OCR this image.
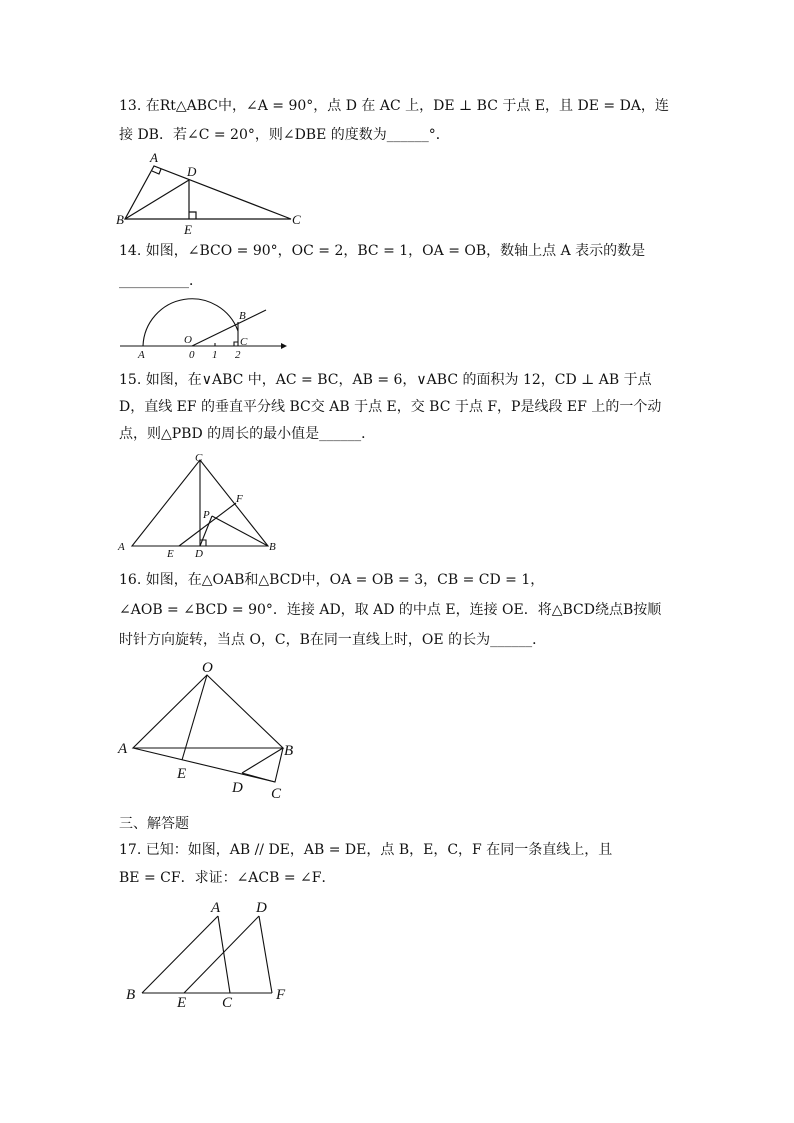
13. 在Rt△ABC中，∠A = 90°，点 D 在 AC 上，DE ⊥ BC 于点 E，且 DE = DA，连
接 DB．若∠C = 20°，则∠DBE 的度数为______°．
A
B	C
D
E
14. 如图，∠BCO = 90°，OC = 2，BC = 1，OA = OB，数轴上点 A 表示的数是
__________．
A
O
B
C
0 1 2
15. 如图，在∨ABC 中，AC = BC，AB = 6，∨ABC 的面积为 12，CD ⊥ AB 于点
D，直线 EF 的垂直平分线 BC交 AB 于点 E，交 BC 于点 F，P是线段 EF 上的一个动
点，则△PBD 的周长的最小值是______．
C
A	B
D
E
F
P
16. 如图，在△OAB和△BCD中，OA = OB = 3，CB = CD = 1，
∠AOB = ∠BCD = 90°．连接 AD，取 AD 的中点 E，连接 OE．将△BCD绕点B按顺
时针方向旋转，当点 O，C，B在同一直线上时，OE 的长为______．
O
A	B
E
D C
三、解答题
17. 已知：如图，AB // DE，AB = DE，点 B，E，C，F 在同一条直线上，且
BE = CF．求证：∠ACB = ∠F．
A D
B	E C	F
